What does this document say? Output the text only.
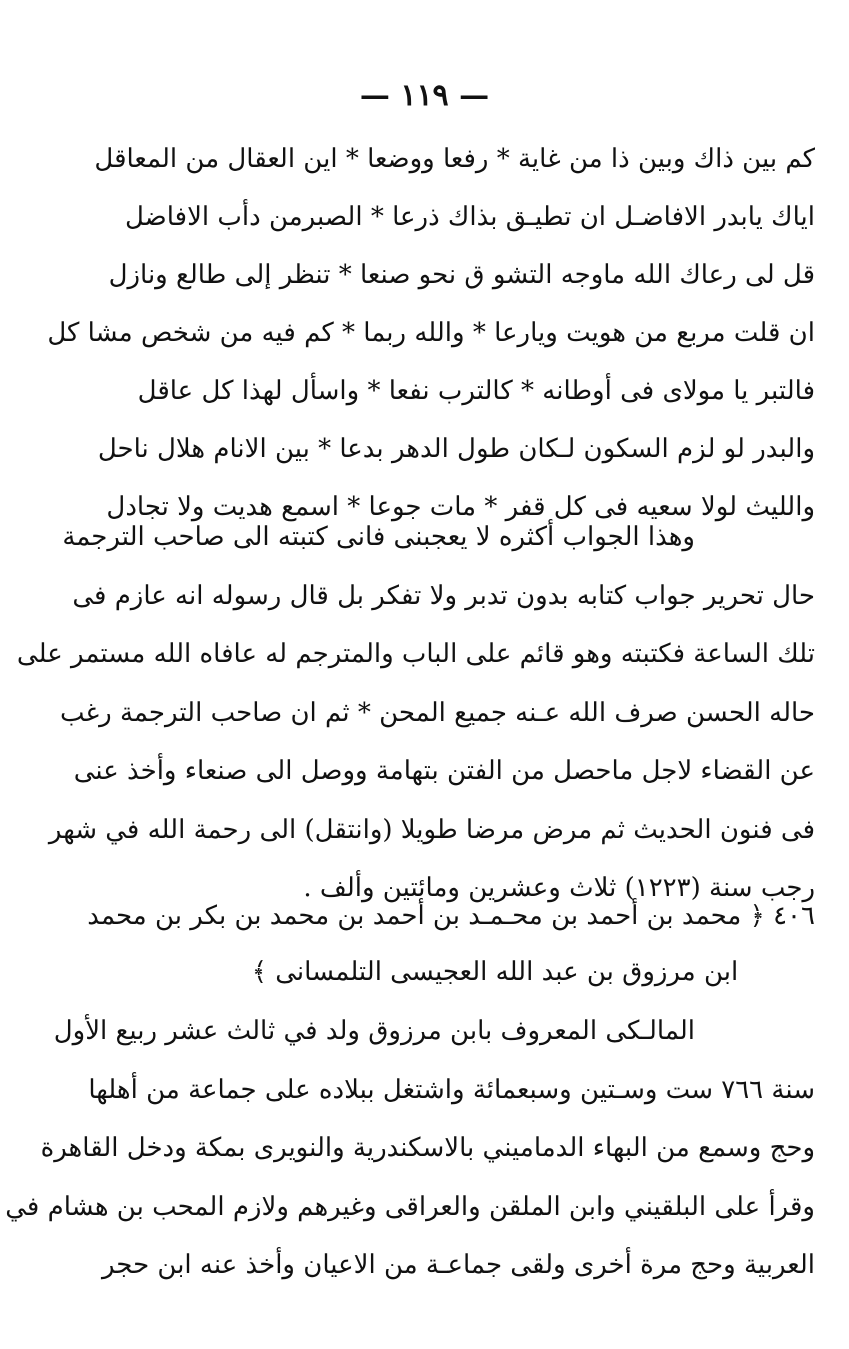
— ١١٩ —
كم بين ذاك وبين ذا من غاية * رفعا ووضعا * اين العقال من المعاقل
اياك يابدر الافاضـل ان تطيـق بذاك ذرعا * الصبرمن دأب الافاضل
قل لى رعاك الله ماوجه التشو ق نحو صنعا * تنظر إلى طالع ونازل
ان قلت مربع من هويت ويارعا * والله ربما * كم فيه من شخص مشا كل
فالتبر يا مولاى فى أوطانه * كالترب نفعا * واسأل لهذا كل عاقل
والبدر لو لزم السكون لـكان طول الدهر بدعا * بين الانام هلال ناحل
والليث لولا سعيه فى كل قفر * مات جوعا * اسمع هديت ولا تجادل
وهذا الجواب أكثره لا يعجبنى فانى كتبته الى صاحب الترجمة
حال تحرير جواب كتابه بدون تدبر ولا تفكر بل قال رسوله انه عازم فى
تلك الساعة فكتبته وهو قائم على الباب والمترجم له عافاه الله مستمر على
حاله الحسن صرف الله عـنه جميع المحن * ثم ان صاحب الترجمة رغب
عن القضاء لاجل ماحصل من الفتن بتهامة ووصل الى صنعاء وأخذ عنى
فى فنون الحديث ثم مرض مرضا طويلا (وانتقل) الى رحمة الله في شهر
رجب سنة (١٢٢٣) ثلاث وعشرين ومائتين وألف .
٤٠٦ ﴿ محمد بن أحمد بن محـمـد بن أحمد بن محمد بن بكر بن محمد
ابن مرزوق بن عبد الله العجيسى التلمسانى ﴾
المالـكى المعروف بابن مرزوق ولد في ثالث عشر ربيع الأول
سنة ٧٦٦ ست وسـتين وسبعمائة واشتغل ببلاده على جماعة من أهلها
وحج وسمع من البهاء الدماميني بالاسكندرية والنويرى بمكة ودخل القاهرة
وقرأ على البلقيني وابن الملقن والعراقى وغيرهم ولازم المحب بن هشام في
العربية وحج مرة أخرى ولقى جماعـة من الاعيان وأخذ عنه ابن حجر
